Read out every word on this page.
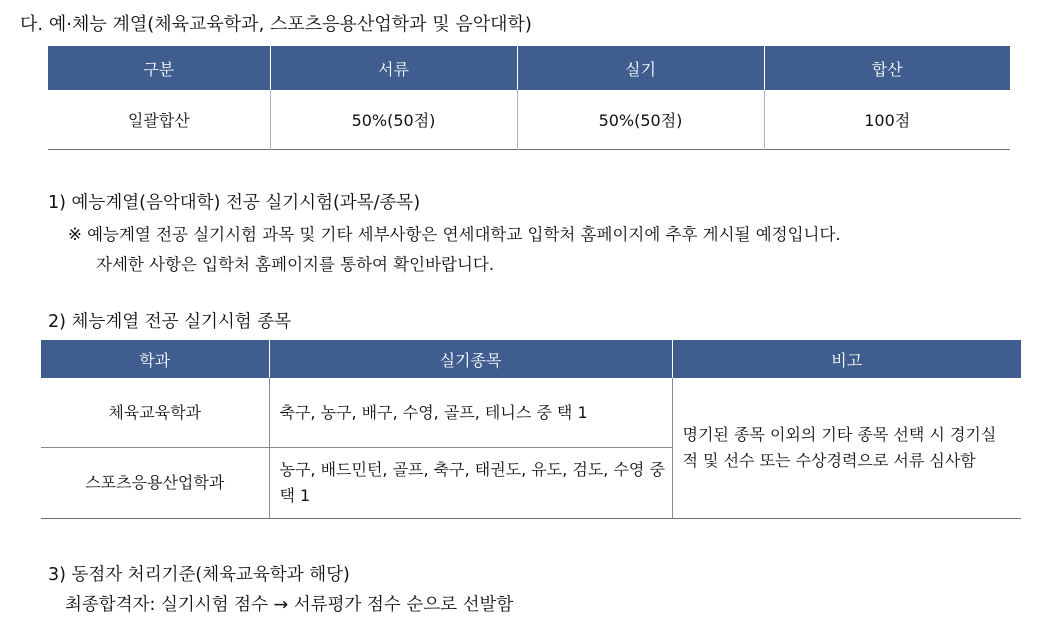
다. 예·체능 계열(체육교육학과, 스포츠응용산업학과 및 음악대학)
구분	서류	실기	합산
일괄합산	50%(50점)	50%(50점)	100점
1) 예능계열(음악대학) 전공 실기시험(과목/종목)
※ 예능계열 전공 실기시험 과목 및 기타 세부사항은 연세대학교 입학처 홈페이지에 추후 게시될 예정입니다.
자세한 사항은 입학처 홈페이지를 통하여 확인바랍니다.
2) 체능계열 전공 실기시험 종목
학과	실기종목	비고
체육교육학과	축구, 농구, 배구, 수영, 골프, 테니스 중 택 1	명기된 종목 이외의 기타 종목 선택 시 경기실적 및 선수 또는 수상경력으로 서류 심사함
스포츠응용산업학과	농구, 배드민턴, 골프, 축구, 태권도, 유도, 검도, 수영 중 택 1	
3) 동점자 처리기준(체육교육학과 해당)
최종합격자: 실기시험 점수 → 서류평가 점수 순으로 선발함
